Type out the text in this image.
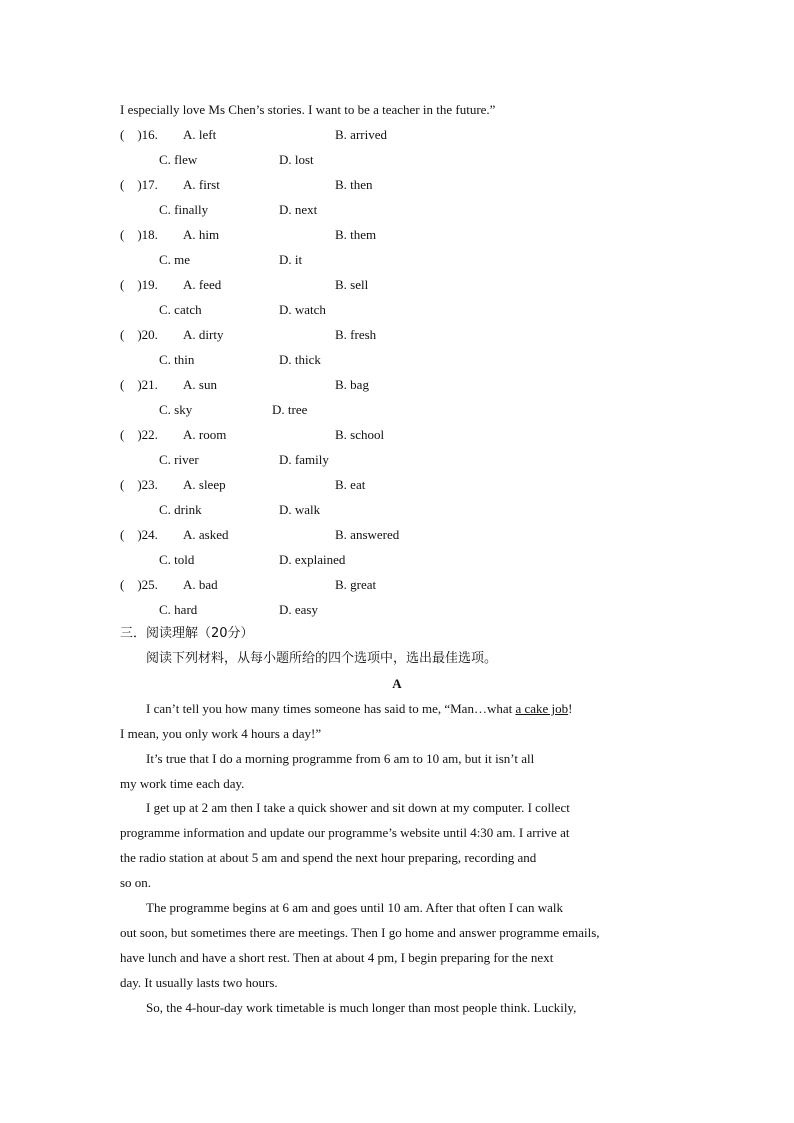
I especially love Ms Chen’s stories. I want to be a teacher in the future.”
(    )16. A. left	B. arrived
C. flew	D. lost
(    )17. A. first	B. then
C. finally	D. next
(    )18. A. him	B. them
C. me	D. it
(    )19. A. feed	B. sell
C. catch	D. watch
(    )20. A. dirty	B. fresh
C. thin	D. thick
(    )21. A. sun	B. bag
C. sky	D. tree
(    )22. A. room	B. school
C. river	D. family
(    )23. A. sleep	B. eat
C. drink	D. walk
(    )24. A. asked	B. answered
C. told	D. explained
(    )25. A. bad	B. great
C. hard	D. easy
三．阅读理解（20分）
阅读下列材料，从每小题所给的四个选项中，选出最佳选项。
A
I can’t tell you how many times someone has said to me, “Man…what a cake job!
I mean, you only work 4 hours a day!”
It’s true that I do a morning programme from 6 am to 10 am, but it isn’t all
my work time each day.
I get up at 2 am then I take a quick shower and sit down at my computer. I collect
programme information and update our programme’s website until 4:30 am. I arrive at
the radio station at about 5 am and spend the next hour preparing, recording and
so on.
The programme begins at 6 am and goes until 10 am. After that often I can walk
out soon, but sometimes there are meetings. Then I go home and answer programme emails,
have lunch and have a short rest. Then at about 4 pm, I begin preparing for the next
day. It usually lasts two hours.
So, the 4-hour-day work timetable is much longer than most people think. Luckily,
